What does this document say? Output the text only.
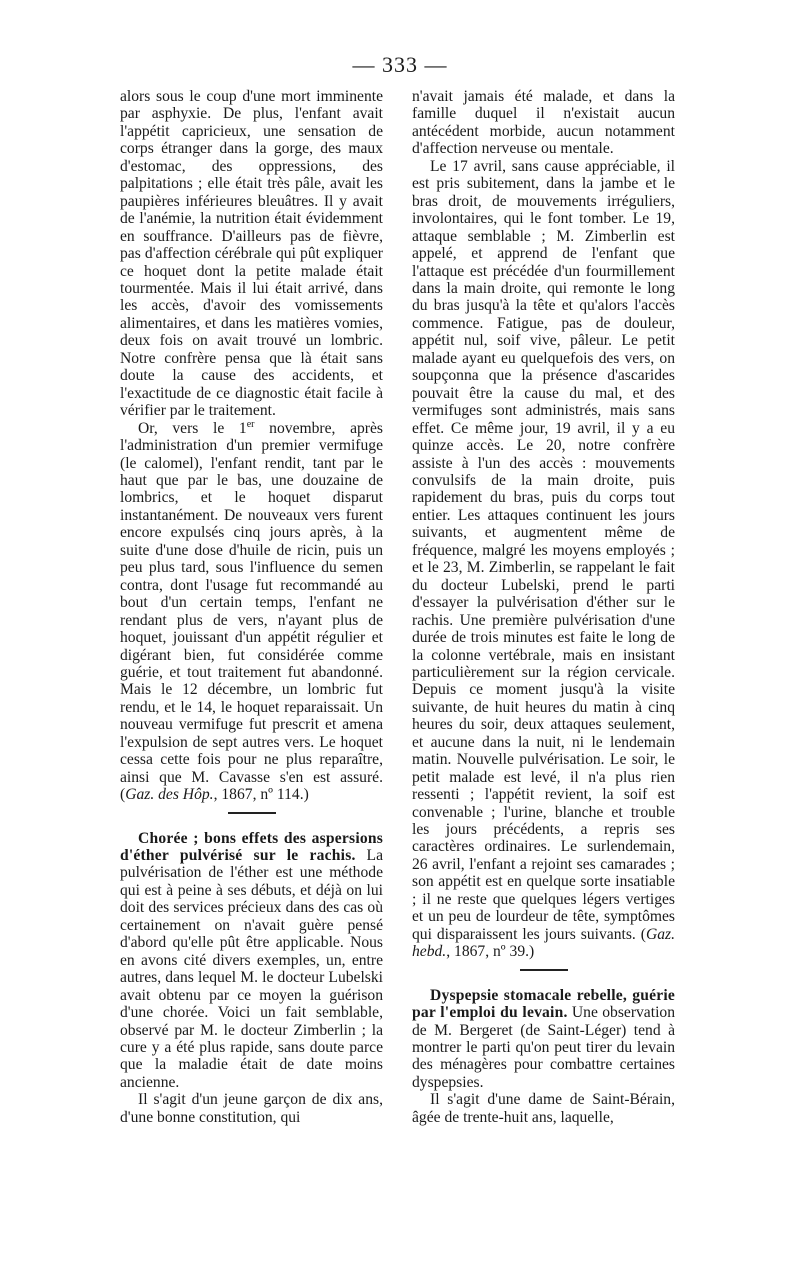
— 333 —

alors sous le coup d'une mort imminente par asphyxie. De plus, l'enfant avait l'appétit capricieux, une sensation de corps étranger dans la gorge, des maux d'estomac, des oppressions, des palpitations ; elle était très pâle, avait les paupières inférieures bleuâtres. Il y avait de l'anémie, la nutrition était évidemment en souffrance. D'ailleurs pas de fièvre, pas d'affection cérébrale qui pût expliquer ce hoquet dont la petite malade était tourmentée. Mais il lui était arrivé, dans les accès, d'avoir des vomissements alimentaires, et dans les matières vomies, deux fois on avait trouvé un lombric. Notre confrère pensa que là était sans doute la cause des accidents, et l'exactitude de ce diagnostic était facile à vérifier par le traitement.

Or, vers le 1er novembre, après l'administration d'un premier vermifuge (le calomel), l'enfant rendit, tant par le haut que par le bas, une douzaine de lombrics, et le hoquet disparut instantanément. De nouveaux vers furent encore expulsés cinq jours après, à la suite d'une dose d'huile de ricin, puis un peu plus tard, sous l'influence du semen contra, dont l'usage fut recommandé au bout d'un certain temps, l'enfant ne rendant plus de vers, n'ayant plus de hoquet, jouissant d'un appétit régulier et digérant bien, fut considérée comme guérie, et tout traitement fut abandonné. Mais le 12 décembre, un lombric fut rendu, et le 14, le hoquet reparaissait. Un nouveau vermifuge fut prescrit et amena l'expulsion de sept autres vers. Le hoquet cessa cette fois pour ne plus reparaître, ainsi que M. Cavasse s'en est assuré. (Gaz. des Hôp., 1867, nº 114.)

Chorée ; bons effets des aspersions d'éther pulvérisé sur le rachis. La pulvérisation de l'éther est une méthode qui est à peine à ses débuts, et déjà on lui doit des services précieux dans des cas où certainement on n'avait guère pensé d'abord qu'elle pût être applicable. Nous en avons cité divers exemples, un, entre autres, dans lequel M. le docteur Lubelski avait obtenu par ce moyen la guérison d'une chorée. Voici un fait semblable, observé par M. le docteur Zimberlin ; la cure y a été plus rapide, sans doute parce que la maladie était de date moins ancienne.

Il s'agit d'un jeune garçon de dix ans, d'une bonne constitution, qui

n'avait jamais été malade, et dans la famille duquel il n'existait aucun antécédent morbide, aucun notamment d'affection nerveuse ou mentale.

Le 17 avril, sans cause appréciable, il est pris subitement, dans la jambe et le bras droit, de mouvements irréguliers, involontaires, qui le font tomber. Le 19, attaque semblable ; M. Zimberlin est appelé, et apprend de l'enfant que l'attaque est précédée d'un fourmillement dans la main droite, qui remonte le long du bras jusqu'à la tête et qu'alors l'accès commence. Fatigue, pas de douleur, appétit nul, soif vive, pâleur. Le petit malade ayant eu quelquefois des vers, on soupçonna que la présence d'ascarides pouvait être la cause du mal, et des vermifuges sont administrés, mais sans effet. Ce même jour, 19 avril, il y a eu quinze accès. Le 20, notre confrère assiste à l'un des accès : mouvements convulsifs de la main droite, puis rapidement du bras, puis du corps tout entier. Les attaques continuent les jours suivants, et augmentent même de fréquence, malgré les moyens employés ; et le 23, M. Zimberlin, se rappelant le fait du docteur Lubelski, prend le parti d'essayer la pulvérisation d'éther sur le rachis. Une première pulvérisation d'une durée de trois minutes est faite le long de la colonne vertébrale, mais en insistant particulièrement sur la région cervicale. Depuis ce moment jusqu'à la visite suivante, de huit heures du matin à cinq heures du soir, deux attaques seulement, et aucune dans la nuit, ni le lendemain matin. Nouvelle pulvérisation. Le soir, le petit malade est levé, il n'a plus rien ressenti ; l'appétit revient, la soif est convenable ; l'urine, blanche et trouble les jours précédents, a repris ses caractères ordinaires. Le surlendemain, 26 avril, l'enfant a rejoint ses camarades ; son appétit est en quelque sorte insatiable ; il ne reste que quelques légers vertiges et un peu de lourdeur de tête, symptômes qui disparaissent les jours suivants. (Gaz. hebd., 1867, nº 39.)

Dyspepsie stomacale rebelle, guérie par l'emploi du levain. Une observation de M. Bergeret (de Saint-Léger) tend à montrer le parti qu'on peut tirer du levain des ménagères pour combattre certaines dyspepsies.

Il s'agit d'une dame de Saint-Bérain, âgée de trente-huit ans, laquelle,
